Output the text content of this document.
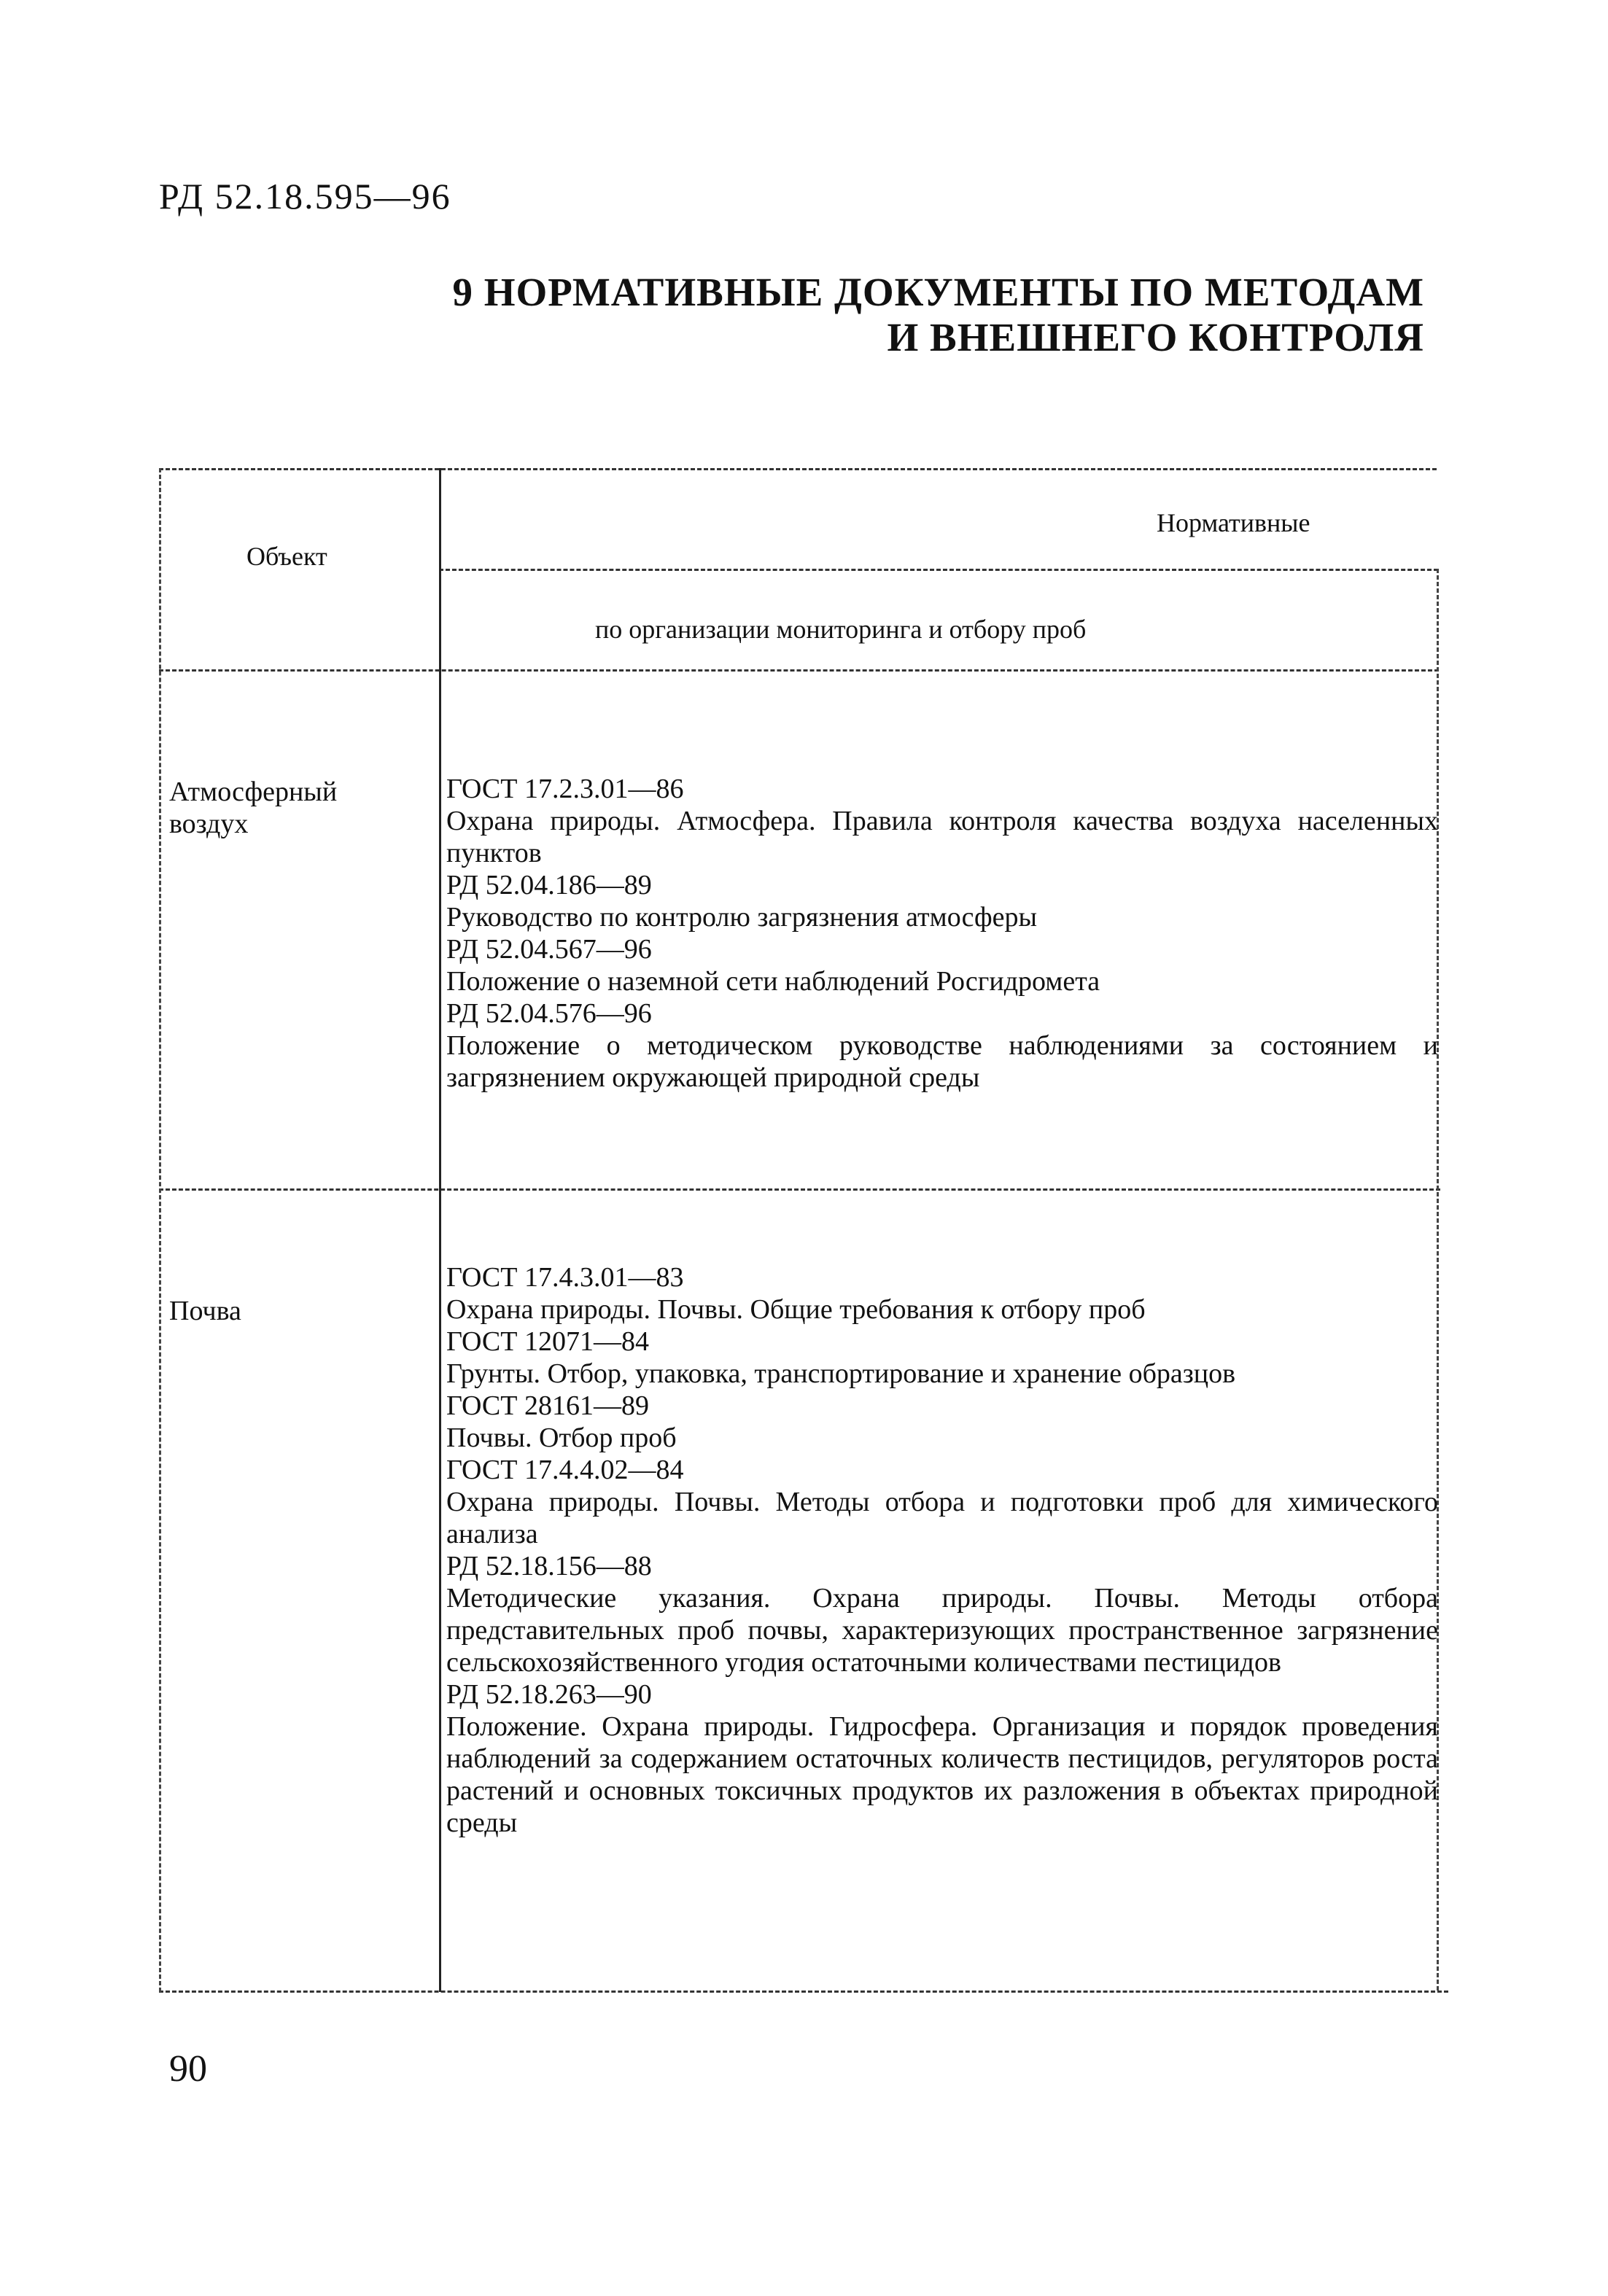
РД 52.18.595—96
9 НОРМАТИВНЫЕ ДОКУМЕНТЫ ПО МЕТОДАМ
И ВНЕШНЕГО КОНТРОЛЯ
Объект
Нормативные
по организации мониторинга и отбору проб
Атмосферный
воздух
ГОСТ 17.2.3.01—86
Охрана природы. Атмосфера. Правила контроля качества воздуха населенных пунктов
РД 52.04.186—89
Руководство по контролю загрязнения атмосферы
РД 52.04.567—96
Положение о наземной сети наблюдений Росгидромета
РД 52.04.576—96
Положение о методическом руководстве наблюдениями за состоянием и загрязнением окружающей природной среды
Почва
ГОСТ 17.4.3.01—83
Охрана природы. Почвы. Общие требования к отбору проб
ГОСТ 12071—84
Грунты. Отбор, упаковка, транспортирование и хранение образцов
ГОСТ 28161—89
Почвы. Отбор проб
ГОСТ 17.4.4.02—84
Охрана природы. Почвы. Методы отбора и подготовки проб для химического анализа
РД 52.18.156—88
Методические указания. Охрана природы. Почвы. Методы отбора представительных проб почвы, характеризующих пространственное загрязнение сельскохозяйственного угодия остаточными количествами пестицидов
РД 52.18.263—90
Положение. Охрана природы. Гидросфера. Организация и порядок проведения наблюдений за содержанием остаточных количеств пестицидов, регуляторов роста растений и основных токсичных продуктов их разложения в объектах природной среды
90
